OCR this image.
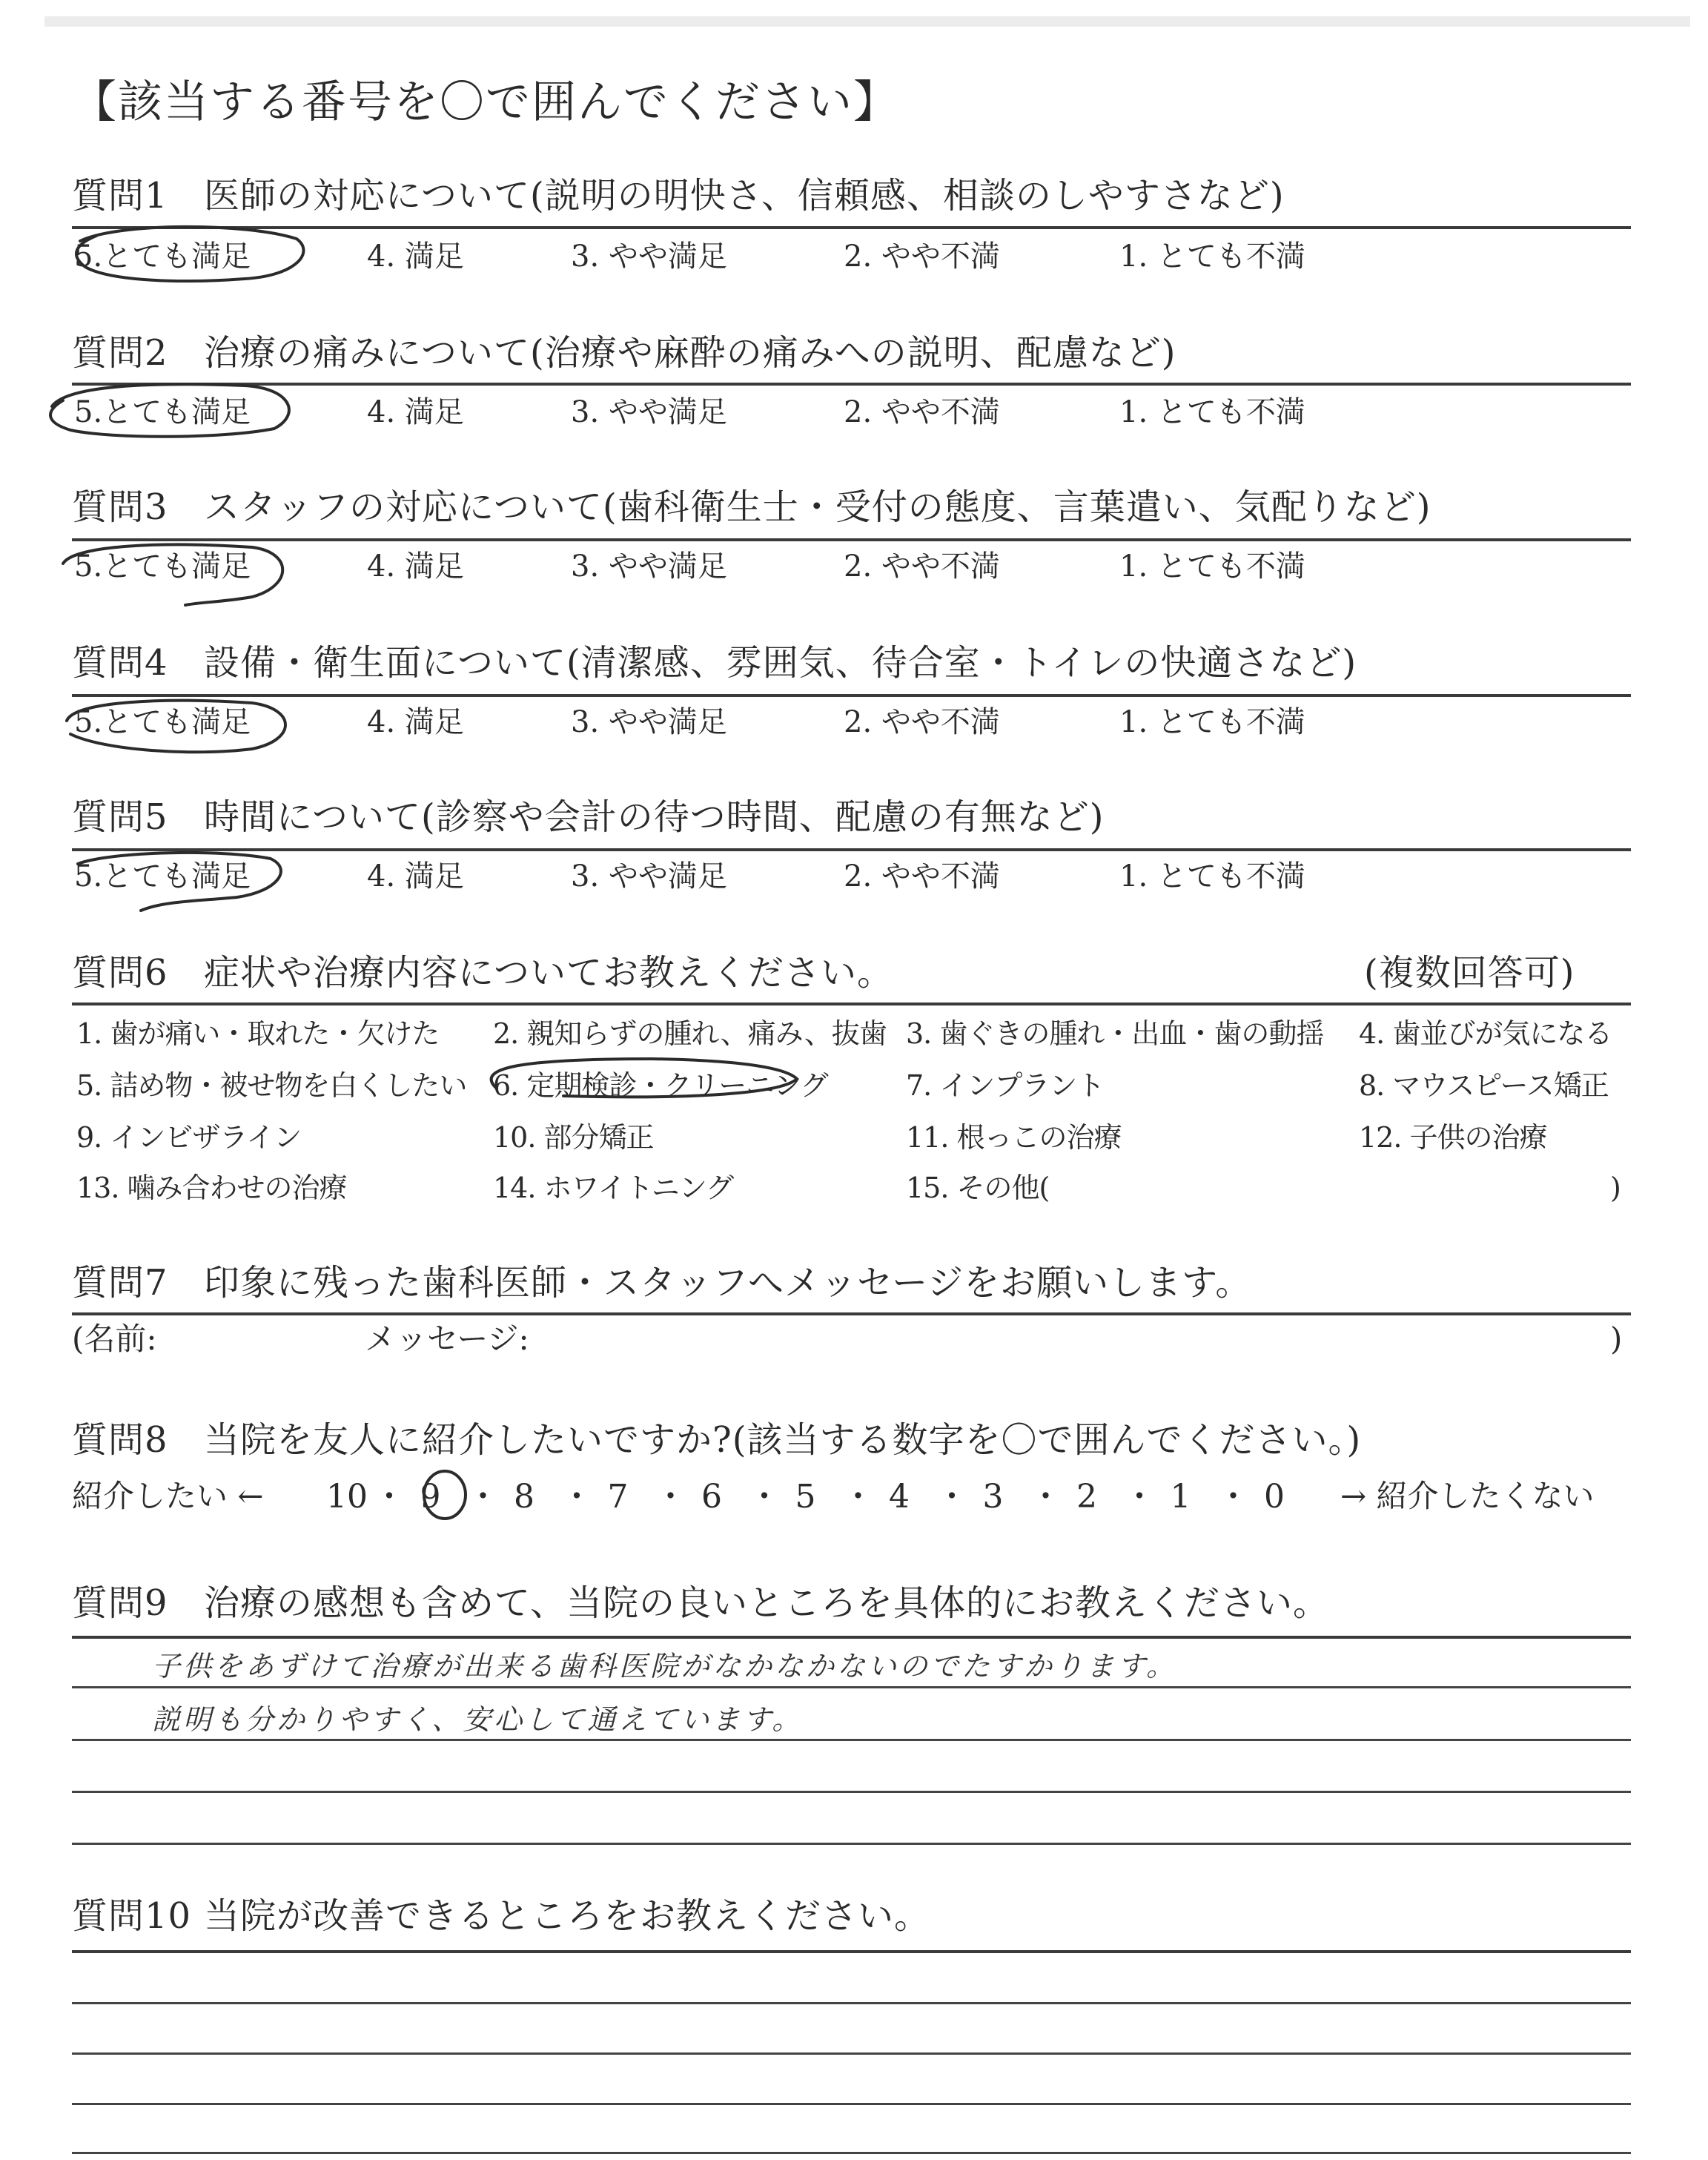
【該当する番号を〇で囲んでください】
質問1 医師の対応について(説明の明快さ、信頼感、相談のしやすさなど)
5.とても満足	4. 満足	3. やや満足	2. やや不満	1. とても不満
質問2 治療の痛みについて(治療や麻酔の痛みへの説明、配慮など)
5.とても満足	4. 満足	3. やや満足	2. やや不満	1. とても不満
質問3 スタッフの対応について(歯科衛生士・受付の態度、言葉遣い、気配りなど)
5.とても満足	4. 満足	3. やや満足	2. やや不満	1. とても不満
質問4 設備・衛生面について(清潔感、雰囲気、待合室・トイレの快適さなど)
5.とても満足	4. 満足	3. やや満足	2. やや不満	1. とても不満
質問5 時間について(診察や会計の待つ時間、配慮の有無など)
5.とても満足	4. 満足	3. やや満足	2. やや不満	1. とても不満
質問6 症状や治療内容についてお教えください。	(複数回答可)
1. 歯が痛い・取れた・欠けた 2. 親知らずの腫れ、痛み、抜歯 3. 歯ぐきの腫れ・出血・歯の動揺 4. 歯並びが気になる
5. 詰め物・被せ物を白くしたい 6. 定期検診・クリーニング	7. インプラント	8. マウスピース矯正
9. インビザライン	10. 部分矯正	11. 根っこの治療	12. 子供の治療
13. 噛み合わせの治療	14. ホワイトニング	15. その他(	)
質問7 印象に残った歯科医師・スタッフへメッセージをお願いします。
(名前:	メッセージ:	)
質問8 当院を友人に紹介したいですか?(該当する数字を〇で囲んでください。)
紹介したい ← 10 ・ 9 ・ 8 ・ 7 ・ 6 ・ 5 ・ 4 ・ 3 ・ 2 ・ 1 ・ 0 → 紹介したくない
質問9 治療の感想も含めて、当院の良いところを具体的にお教えください。
子供をあずけて治療が出来る歯科医院がなかなかないのでたすかります。
説明も分かりやすく、安心して通えています。
質問10 当院が改善できるところをお教えください。
